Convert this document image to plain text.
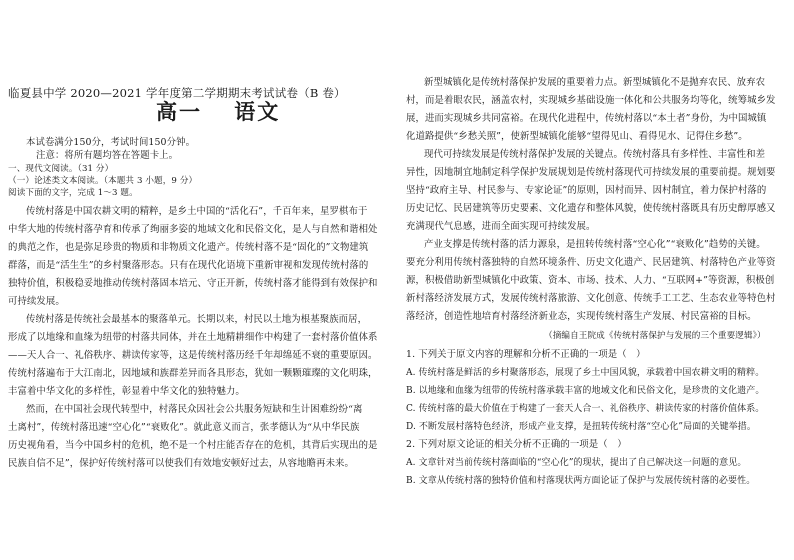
临夏县中学 2020—2021 学年度第二学期期末考试试卷（B 卷）
高一　 语文
本试卷满分150分，考试时间150分钟。
注意：将所有题均答在答题卡上。
一、现代文阅读。（31 分）
（一）论述类文本阅读。（本题共 3 小题，9 分）
阅读下面的文字，完成 1～3 题。
传统村落是中国农耕文明的精粹，是乡土中国的“活化石”，千百年来，星罗棋布于
中华大地的传统村落孕育和传承了绚丽多姿的地域文化和民俗文化，是人与自然和谐相处
的典范之作，也是弥足珍贵的物质和非物质文化遗产。传统村落不是“固化的”文物建筑
群落，而是“活生生”的乡村聚落形态。只有在现代化语境下重新审视和发现传统村落的
独特价值，积极稳妥地推动传统村落固本培元、守正开新，传统村落才能得到有效保护和
可持续发展。
传统村落是传统社会最基本的聚落单元。长期以来，村民以土地为根基聚族而居，
形成了以地缘和血缘为纽带的村落共同体，并在土地精耕细作中构建了一套村落价值体系
——天人合一、礼俗秩序、耕读传家等，这是传统村落历经千年却绵延不衰的重要原因。
传统村落遍布于大江南北，因地域和族群差异而各具形态，犹如一颗颗璀璨的文化明珠，
丰富着中华文化的多样性，彰显着中华文化的独特魅力。
然而，在中国社会现代转型中，村落民众因社会公共服务短缺和生计困难纷纷“离
土离村”，传统村落迅速“空心化”“衰败化”。就此意义而言，张孝德认为“从中华民族
历史视角看，当今中国乡村的危机，绝不是一个村庄能否存在的危机，其背后实现出的是
民族自信不足”，保护好传统村落可以使我们有效地安顿好过去，从容地瞻再未来。
新型城镇化是传统村落保护发展的重要着力点。新型城镇化不是抛弃农民、放弃农
村，而是着眼农民，涵盖农村，实现城乡基础设施一体化和公共服务均等化，统筹城乡发
展，进而实现城乡共同富裕。在现代化进程中，传统村落以“本土者”身份，为中国城镇
化道路提供“乡愁关照”，使新型城镇化能够“望得见山、看得见水、记得住乡愁”。
现代可持续发展是传统村落保护发展的关键点。传统村落具有多样性、丰富性和差
异性，因地制宜地制定科学保护发展规划是传统村落现代可持续发展的重要前提。规划要
坚持“政府主导、村民参与、专家论证”的原则，因村而异、因村制宜，着力保护村落的
历史记忆、民居建筑等历史要素、文化遗存和整体风貌，使传统村落既具有历史醇厚感又
充满现代气息感，进而全面实现可持续发展。
产业支撑是传统村落的活力源泉，是扭转传统村落“空心化”“衰败化”趋势的关键。
要充分利用传统村落独特的自然环境条件、历史文化遗产、民居建筑、村落特色产业等资
源，积极借助新型城镇化中政策、资本、市场、技术、人力、“互联网+”等资源，积极创
新村落经济发展方式，发展传统村落旅游、文化创意、传统手工工艺、生态农业等特色村
落经济，创造性地培育村落经济新业态，实现传统村落生产发展、村民富裕的目标。
（摘编自王院成《传统村落保护与发展的三个重要逻辑》）
1. 下列关于原文内容的理解和分析不正确的一项是（　）
A. 传统村落是鲜活的乡村聚落形态，展现了乡土中国风貌，承载着中国农耕文明的精粹。
B. 以地缘和血缘为纽带的传统村落承载丰富的地域文化和民俗文化，是珍贵的文化遗产。
C. 传统村落的最大价值在于构建了一套天人合一、礼俗秩序、耕读传家的村落价值体系。
D. 不断发展村落特色经济，形成产业支撑，是扭转传统村落“空心化”局面的关键举措。
2. 下列对原文论证的相关分析不正确的一项是（　）
A. 文章针对当前传统村落面临的“空心化”的现状，提出了自己解决这一问题的意见。
B. 文章从传统村落的独特价值和村落现状两方面论证了保护与发展传统村落的必要性。
